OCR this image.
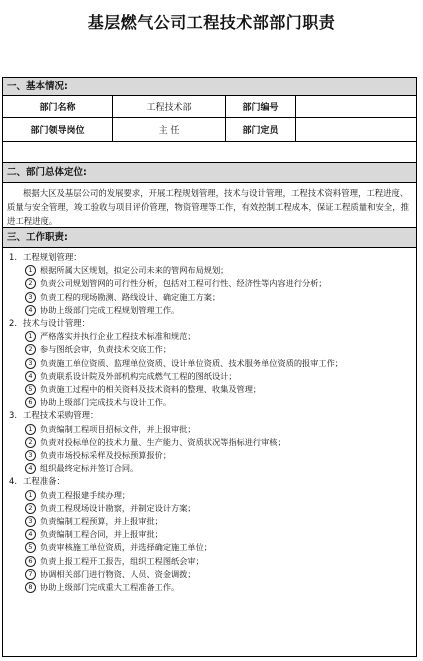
基层燃气公司工程技术部部门职责
一、基本情况:
部门名称	工程技术部	部门编号
部门领导岗位	主 任	部门定员
二、部门总体定位:
根据大区及基层公司的发展要求，开展工程规划管理，技术与设计管理，工程技术资料管理，工程进度、质量与安全管理，竣工验收与项目评价管理，物资管理等工作，有效控制工程成本，保证工程质量和安全，推进工程进度。
三、工作职责:
1. 工程规划管理：
1 根据所属大区规划，拟定公司未来的管网布局规划；
2 负责公司规划管网的可行性分析，包括对工程可行性、经济性等内容进行分析；
3 负责工程的现场勘测、路线设计、确定施工方案；
4 协助上级部门完成工程规划管理工作。
2. 技术与设计管理：
1 严格落实并执行企业工程技术标准和规范；
2 参与图纸会审，负责技术交底工作；
3 负责施工单位资质、监理单位资质、设计单位资质、技术服务单位资质的报审工作；
4 负责联系设计院及外部机构完成燃气工程的图纸设计；
5 负责施工过程中的相关资料及技术资料的整理、收集及管理；
6 协助上级部门完成技术与设计工作。
3. 工程技术采购管理：
1 负责编制工程项目招标文件，并上报审批；
2 负责对投标单位的技术力量、生产能力、资质状况等指标进行审核；
3 负责市场投标采样及投标预算报价；
4 组织最终定标并签订合同。
4. 工程准备：
1 负责工程报建手续办理；
2 负责工程现场设计勘察，并制定设计方案；
3 负责编制工程预算，并上报审批；
4 负责编制工程合同，并上报审批；
5 负责审核施工单位资质，并选择确定施工单位；
6 负责上报工程开工报告，组织工程图纸会审；
7 协调相关部门进行物资、人员、资金调拨；
8 协助上级部门完成重大工程准备工作。
